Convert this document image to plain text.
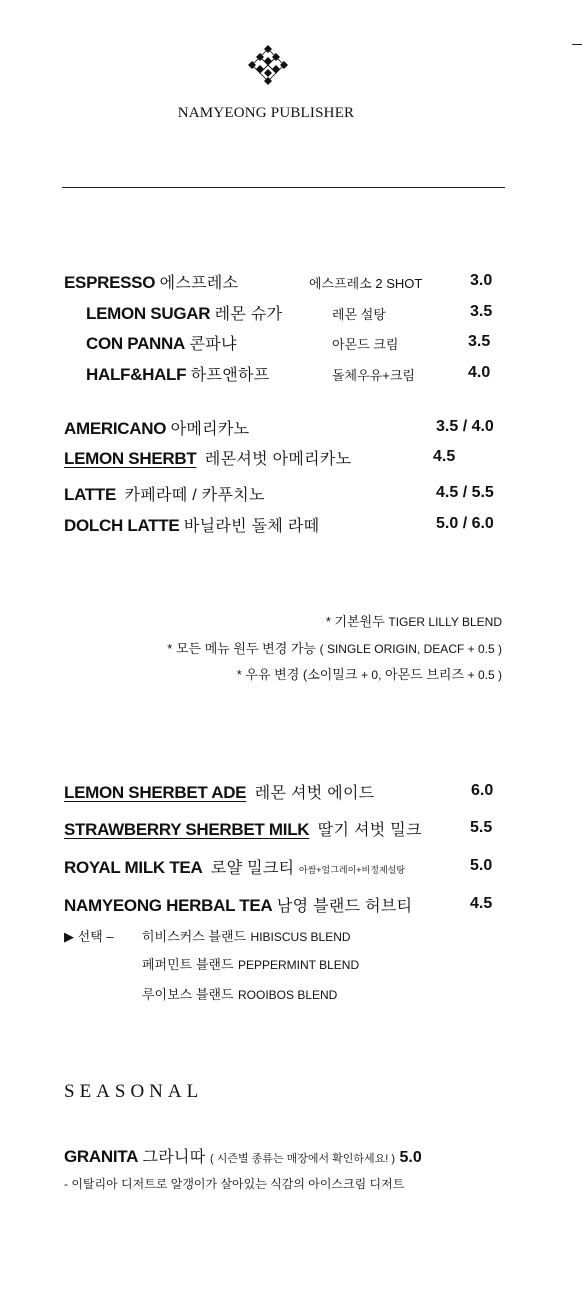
NAMYEONG PUBLISHER
ESPRESSO 에스프레소	에스프레소 2 SHOT	3.0
LEMON SUGAR 레몬 슈가	레몬 설탕	3.5
CON PANNA 콘파냐	아몬드 크림	3.5
HALF&HALF 하프앤하프	돌체우유+크림	4.0
AMERICANO 아메리카노	3.5 / 4.0
LEMON SHERBT 레몬셔벗 아메리카노	4.5
LATTE 카페라떼 / 카푸치노	4.5 / 5.5
DOLCH LATTE 바닐라빈 돌체 라떼	5.0 / 6.0
* 기본원두 TIGER LILLY BLEND
* 모든 메뉴 원두 변경 가능 ( SINGLE ORIGIN, DEACF + 0.5 )
* 우유 변경 (소이밀크 + 0, 아몬드 브리즈 + 0.5 )
LEMON SHERBET ADE 레몬 셔벗 에이드	6.0
STRAWBERRY SHERBET MILK 딸기 셔벗 밀크	5.5
ROYAL MILK TEA 로얄 밀크티 아쌈+얼그레이+비정제설탕	5.0
NAMYEONG HERBAL TEA 남영 블랜드 허브티	4.5
▶ 선택 – 히비스커스 블랜드 HIBISCUS BLEND
페퍼민트 블랜드 PEPPERMINT BLEND
루이보스 블랜드 ROOIBOS BLEND
SEASONAL
GRANITA 그라니따 ( 시즌별 종류는 매장에서 확인하세요! ) 5.0
- 이탈리아 디저트로 알갱이가 살아있는 식감의 아이스크림 디저트
